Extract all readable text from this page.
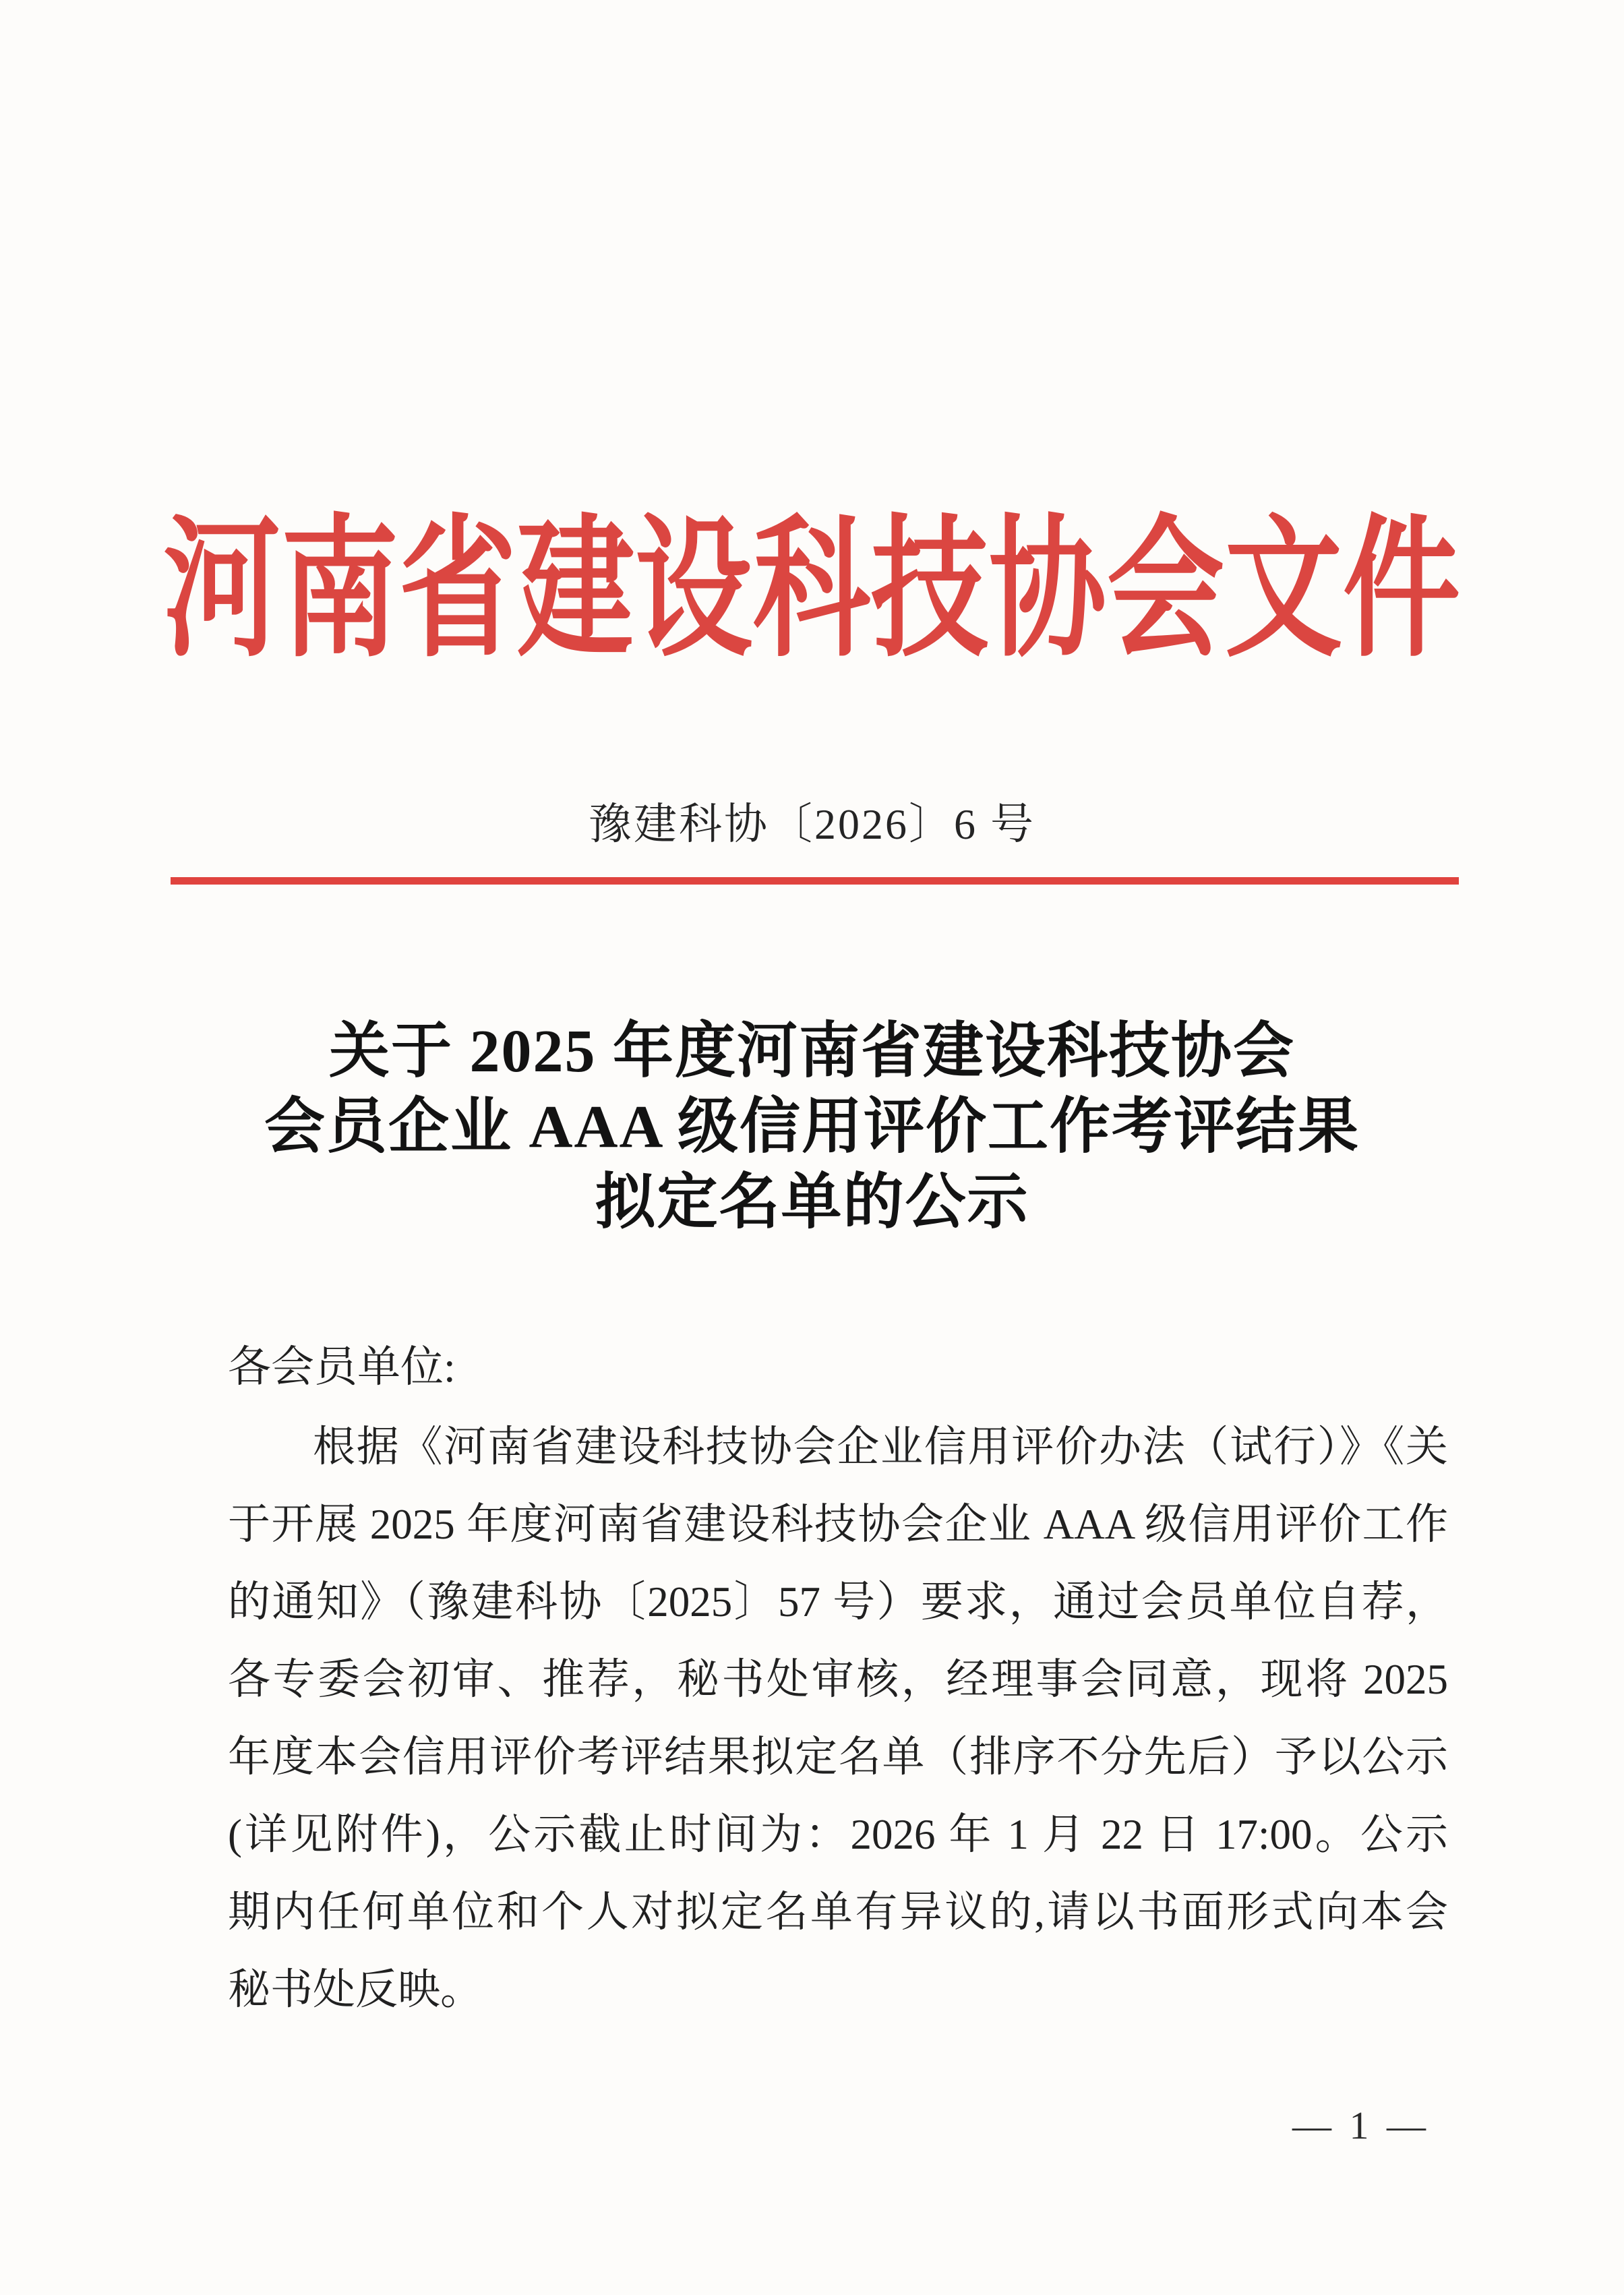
河南省建设科技协会文件
豫建科协〔2026〕6 号
关于 2025 年度河南省建设科技协会
会员企业 AAA 级信用评价工作考评结果
拟定名单的公示
各会员单位:
根据《河南省建设科技协会企业信用评价办法（试行）》《关
于开展 2025 年度河南省建设科技协会企业 AAA 级信用评价工作
的通知》（豫建科协〔2025〕57 号）要求，通过会员单位自荐，
各专委会初审、推荐，秘书处审核，经理事会同意，现将 2025
年度本会信用评价考评结果拟定名单（排序不分先后）予以公示
(详见附件)，公示截止时间为：2026 年 1 月 22 日 17:00。公示
期内任何单位和个人对拟定名单有异议的,请以书面形式向本会
秘书处反映。
— 1 —
